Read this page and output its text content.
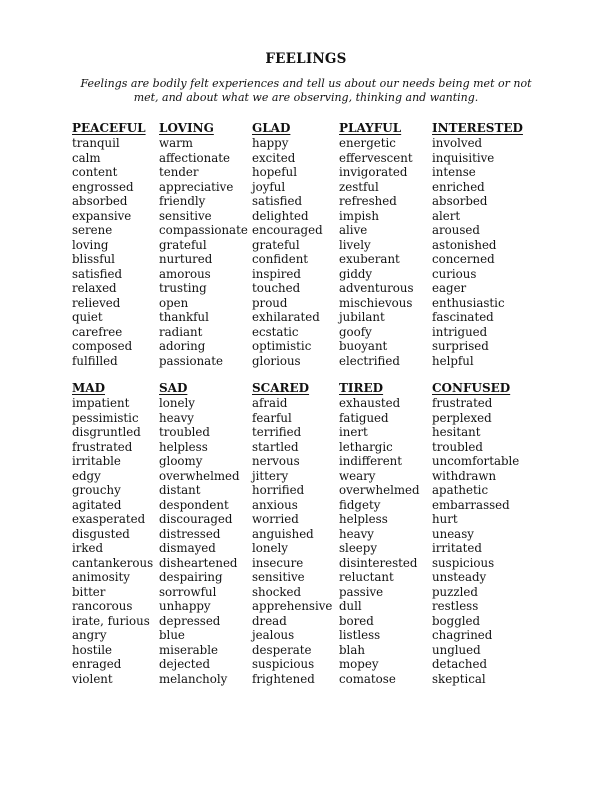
FEELINGS
Feelings are bodily felt experiences and tell us about our needs being met or not met, and about what we are observing, thinking and wanting.
PEACEFUL
tranquil
calm
content
engrossed
absorbed
expansive
serene
loving
blissful
satisfied
relaxed
relieved
quiet
carefree
composed
fulfilled
LOVING
warm
affectionate
tender
appreciative
friendly
sensitive
compassionate
grateful
nurtured
amorous
trusting
open
thankful
radiant
adoring
passionate
GLAD
happy
excited
hopeful
joyful
satisfied
delighted
encouraged
grateful
confident
inspired
touched
proud
exhilarated
ecstatic
optimistic
glorious
PLAYFUL
energetic
effervescent
invigorated
zestful
refreshed
impish
alive
lively
exuberant
giddy
adventurous
mischievous
jubilant
goofy
buoyant
electrified
INTERESTED
involved
inquisitive
intense
enriched
absorbed
alert
aroused
astonished
concerned
curious
eager
enthusiastic
fascinated
intrigued
surprised
helpful
MAD
impatient
pessimistic
disgruntled
frustrated
irritable
edgy
grouchy
agitated
exasperated
disgusted
irked
cantankerous
animosity
bitter
rancorous
irate, furious
angry
hostile
enraged
violent
SAD
lonely
heavy
troubled
helpless
gloomy
overwhelmed
distant
despondent
discouraged
distressed
dismayed
disheartened
despairing
sorrowful
unhappy
depressed
blue
miserable
dejected
melancholy
SCARED
afraid
fearful
terrified
startled
nervous
jittery
horrified
anxious
worried
anguished
lonely
insecure
sensitive
shocked
apprehensive
dread
jealous
desperate
suspicious
frightened
TIRED
exhausted
fatigued
inert
lethargic
indifferent
weary
overwhelmed
fidgety
helpless
heavy
sleepy
disinterested
reluctant
passive
dull
bored
listless
blah
mopey
comatose
CONFUSED
frustrated
perplexed
hesitant
troubled
uncomfortable
withdrawn
apathetic
embarrassed
hurt
uneasy
irritated
suspicious
unsteady
puzzled
restless
boggled
chagrined
unglued
detached
skeptical
